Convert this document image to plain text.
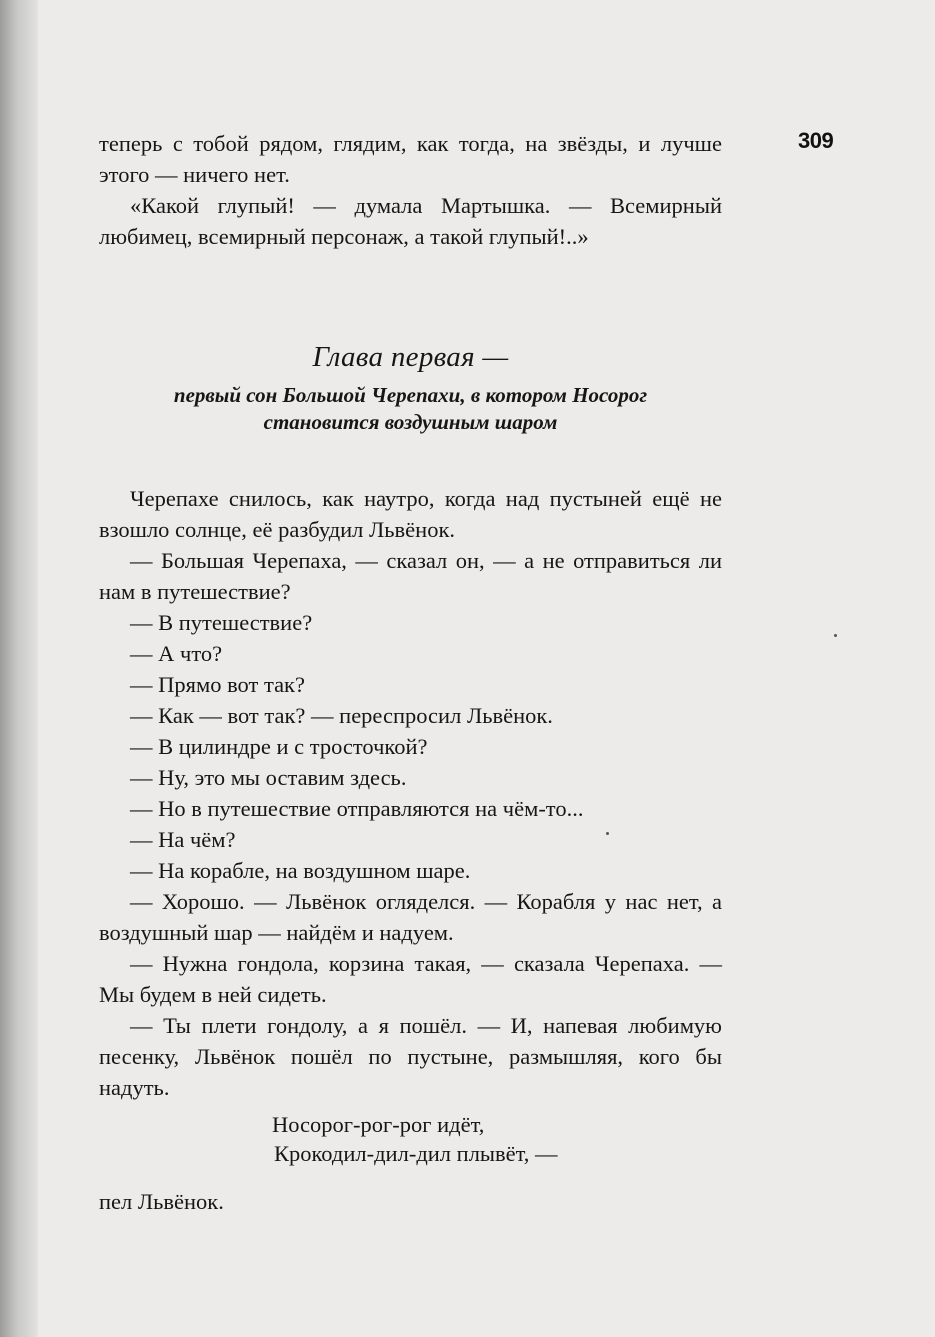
309

теперь с тобой рядом, глядим, как тогда, на звёзды, и лучше этого — ничего нет.

«Какой глупый! — думала Мартышка. — Всемирный любимец, всемирный персонаж, а такой глупый!..»

Глава первая —
первый сон Большой Черепахи, в котором Носорог
становится воздушным шаром

Черепахе снилось, как наутро, когда над пустыней ещё не взошло солнце, её разбудил Львёнок.

— Большая Черепаха, — сказал он, — а не отправиться ли нам в путешествие?

— В путешествие?

— А что?

— Прямо вот так?

— Как — вот так? — переспросил Львёнок.

— В цилиндре и с тросточкой?

— Ну, это мы оставим здесь.

— Но в путешествие отправляются на чём-то...

— На чём?

— На корабле, на воздушном шаре.

— Хорошо. — Львёнок огляделся. — Корабля у нас нет, а воздушный шар — найдём и надуем.

— Нужна гондола, корзина такая, — сказала Черепаха. — Мы будем в ней сидеть.

— Ты плети гондолу, а я пошёл. — И, напевая любимую песенку, Львёнок пошёл по пустыне, размышляя, кого бы надуть.

Носорог-рог-рог идёт,
Крокодил-дил-дил плывёт, —
пел Львёнок.
